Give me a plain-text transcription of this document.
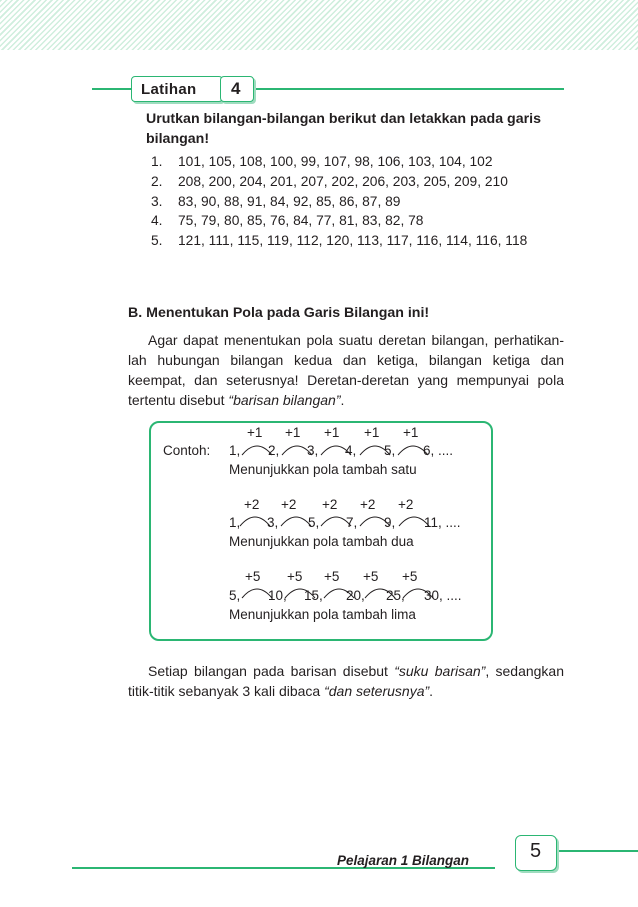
Latihan 4
Urutkan bilangan-bilangan berikut dan letakkan pada garis bilangan!
1. 101, 105, 108, 100, 99, 107, 98, 106, 103, 104, 102
2. 208, 200, 204, 201, 207, 202, 206, 203, 205, 209, 210
3. 83, 90, 88, 91, 84, 92, 85, 86, 87, 89
4. 75, 79, 80, 85, 76, 84, 77, 81, 83, 82, 78
5. 121, 111, 115, 119, 112, 120, 113, 117, 116, 114, 116, 118
B. Menentukan Pola pada Garis Bilangan ini!
Agar dapat menentukan pola suatu deretan bilangan, perhatikan-lah hubungan bilangan kedua dan ketiga, bilangan ketiga dan keempat, dan seterusnya! Deretan-deretan yang mempunyai pola tertentu disebut “barisan bilangan”.
+1 +1 +1 +1 +1
Contoh: 1, 2, 3, 4, 5, 6, ....
Menunjukkan pola tambah satu
+2 +2 +2 +2 +2
1, 3, 5, 7, 9, 11, ....
Menunjukkan pola tambah dua
+5 +5 +5 +5 +5
5, 10, 15, 20, 25, 30, ....
Menunjukkan pola tambah lima
Setiap bilangan pada barisan disebut “suku barisan”, sedangkan titik-titik sebanyak 3 kali dibaca “dan seterusnya”.
Pelajaran 1 Bilangan	5
